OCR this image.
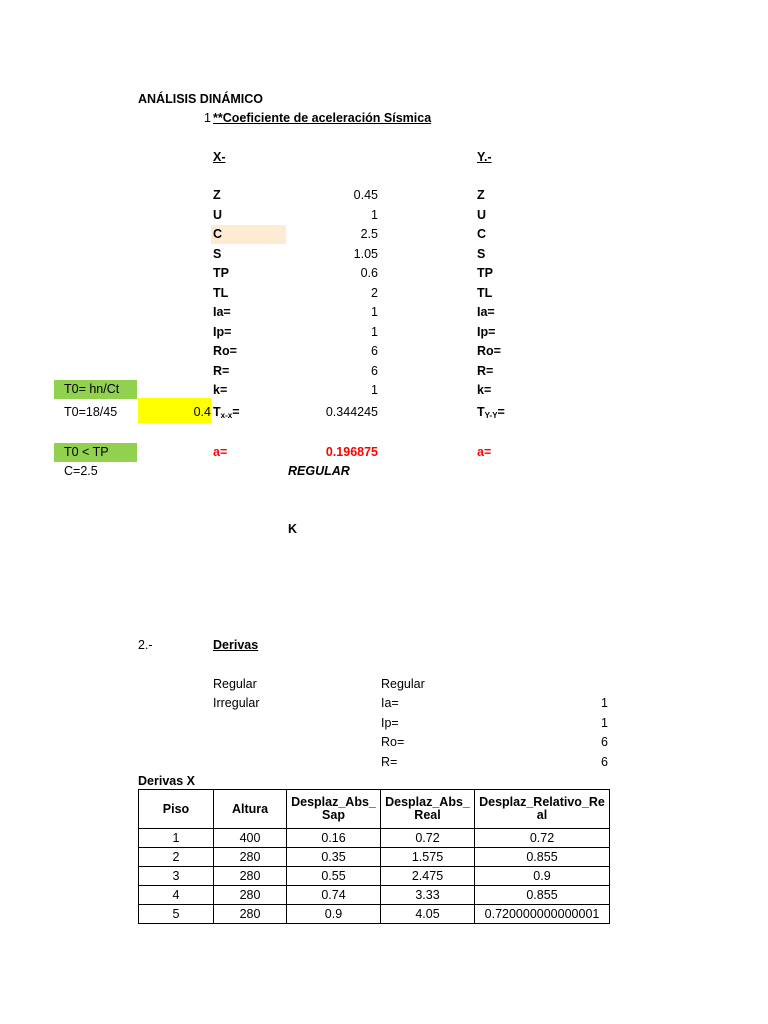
ANÁLISIS DINÁMICO
1 **Coeficiente de aceleración Sísmica
X-	Y.-
Z	0.45
U	1
C	2.5
S	1.05
TP	0.6
TL	2
Ia=	1
Ip=	1
Ro=	6
R=	6
k=	1
Z
U
C
S
TP
TL
Ia=
Ip=
Ro=
R=
k=
T0= hn/Ct
T0=18/45	0.4 $T_{x-x}=$	0.344245	$T_{Y-Y}=$
T0 < TP	a=	0.196875	a=
C=2.5	REGULAR
K
2.-	Derivas
Regular
Irregular
Regular
Ia=	1
Ip=	1
Ro=	6
R=	6
Derivas X
Piso	Altura	Desplaz_Abs_Sap	Desplaz_Abs_Real	Desplaz_Relativo_Real
1	400	0.16	0.72	0.72
2	280	0.35	1.575	0.855
3	280	0.55	2.475	0.9
4	280	0.74	3.33	0.855
5	280	0.9	4.05	0.720000000000001
